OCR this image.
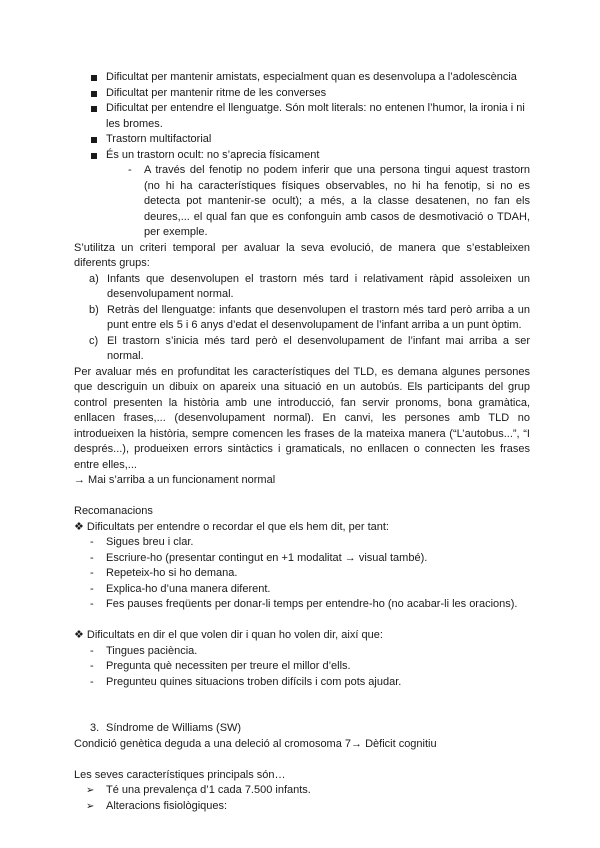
Dificultat per mantenir amistats, especialment quan es desenvolupa a l’adolescència
Dificultat per mantenir ritme de les converses
Dificultat per entendre el llenguatge. Són molt literals: no entenen l’humor, la ironia i ni les bromes.
Trastorn multifactorial
És un trastorn ocult: no s’aprecia físicament
- A través del fenotip no podem inferir que una persona tingui aquest trastorn (no hi ha característiques físiques observables, no hi ha fenotip, si no es detecta pot mantenir-se ocult); a més, a la classe desatenen, no fan els deures,... el qual fan que es confonguin amb casos de desmotivació o TDAH, per exemple.
S’utilitza un criteri temporal per avaluar la seva evolució, de manera que s’estableixen diferents grups:
a) Infants que desenvolupen el trastorn més tard i relativament ràpid assoleixen un desenvolupament normal.
b) Retràs del llenguatge: infants que desenvolupen el trastorn més tard però arriba a un punt entre els 5 i 6 anys d’edat el desenvolupament de l’infant arriba a un punt òptim.
c) El trastorn s’inicia més tard però el desenvolupament de l’infant mai arriba a ser normal.
Per avaluar més en profunditat les característiques del TLD, es demana algunes persones que descriguin un dibuix on apareix una situació en un autobús. Els participants del grup control presenten la història amb une introducció, fan servir pronoms, bona gramàtica, enllacen frases,... (desenvolupament normal). En canvi, les persones amb TLD no introdueixen la història, sempre comencen les frases de la mateixa manera (“L’autobus...”, “I després...), produeixen errors sintàctics i gramaticals, no enllacen o connecten les frases entre elles,...
→ Mai s’arriba a un funcionament normal
Recomanacions
❖ Dificultats per entendre o recordar el que els hem dit, per tant:
- Sigues breu i clar.
- Escriure-ho (presentar contingut en +1 modalitat → visual també).
- Repeteix-ho si ho demana.
- Explica-ho d’una manera diferent.
- Fes pauses freqüents per donar-li temps per entendre-ho (no acabar-li les oracions).
❖ Dificultats en dir el que volen dir i quan ho volen dir, així que:
- Tingues paciència.
- Pregunta què necessiten per treure el millor d’ells.
- Pregunteu quines situacions troben difícils i com pots ajudar.
3. Síndrome de Williams (SW)
Condició genètica deguda a una deleció al cromosoma 7→ Dèficit cognitiu
Les seves característiques principals són…
➢ Té una prevalença d’1 cada 7.500 infants.
➢ Alteracions fisiològiques:
